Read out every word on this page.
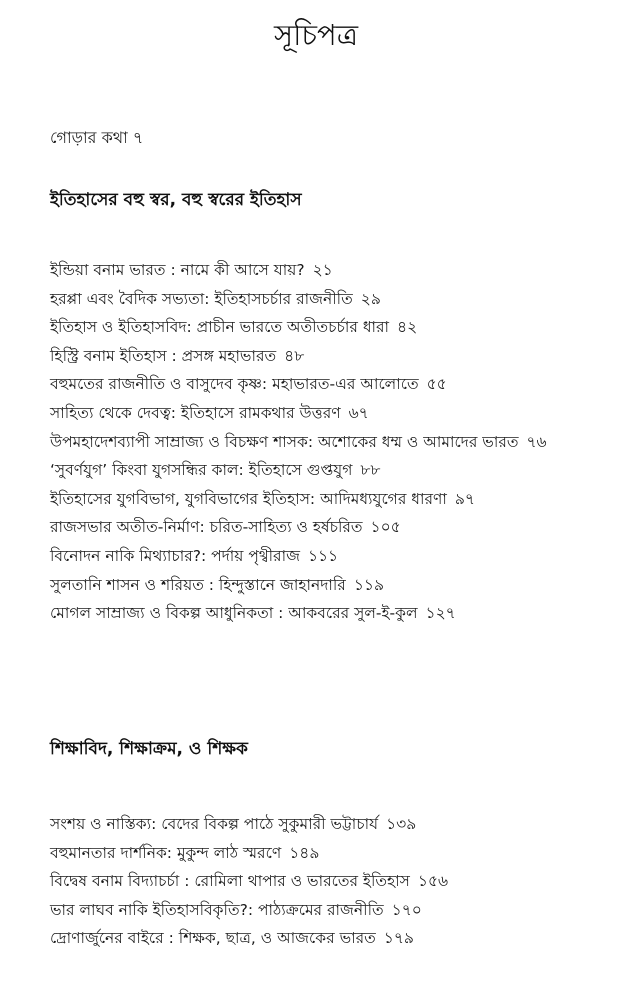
সূচিপত্র

গোড়ার কথা ৭

ইতিহাসের বহু স্বর, বহু স্বরের ইতিহাস
ইন্ডিয়া বনাম ভারত : নামে কী আসে যায়? ২১
হরপ্পা এবং বৈদিক সভ্যতা: ইতিহাসচর্চার রাজনীতি ২৯
ইতিহাস ও ইতিহাসবিদ: প্রাচীন ভারতে অতীতচর্চার ধারা ৪২
হিস্ট্রি বনাম ইতিহাস : প্রসঙ্গ মহাভারত ৪৮
বহুমতের রাজনীতি ও বাসুদেব কৃষ্ণ: মহাভারত-এর আলোতে ৫৫
সাহিত্য থেকে দেবত্ব: ইতিহাসে রামকথার উত্তরণ ৬৭
উপমহাদেশব্যাপী সাম্রাজ্য ও বিচক্ষণ শাসক: অশোকের ধম্ম ও আমাদের ভারত ৭৬
‘সুবর্ণযুগ’ কিংবা যুগসন্ধির কাল: ইতিহাসে গুপ্তযুগ ৮৮
ইতিহাসের যুগবিভাগ, যুগবিভাগের ইতিহাস: আদিমধ্যযুগের ধারণা ৯৭
রাজসভার অতীত-নির্মাণ: চরিত-সাহিত্য ও হর্ষচরিত ১০৫
বিনোদন নাকি মিথ্যাচার?: পর্দায় পৃথ্বীরাজ ১১১
সুলতানি শাসন ও শরিয়ত : হিন্দুস্তানে জাহানদারি ১১৯
মোগল সাম্রাজ্য ও বিকল্প আধুনিকতা : আকবরের সুল-ই-কুল ১২৭
শিক্ষাবিদ, শিক্ষাক্রম, ও শিক্ষক
সংশয় ও নাস্তিক্য: বেদের বিকল্প পাঠে সুকুমারী ভট্টাচার্য ১৩৯
বহুমানতার দার্শনিক: মুকুন্দ লাঠ স্মরণে ১৪৯
বিদ্বেষ বনাম বিদ্যাচর্চা : রোমিলা থাপার ও ভারতের ইতিহাস ১৫৬
ভার লাঘব নাকি ইতিহাসবিকৃতি?: পাঠ্যক্রমের রাজনীতি ১৭০
দ্রোণার্জুনের বাইরে : শিক্ষক, ছাত্র, ও আজকের ভারত ১৭৯
